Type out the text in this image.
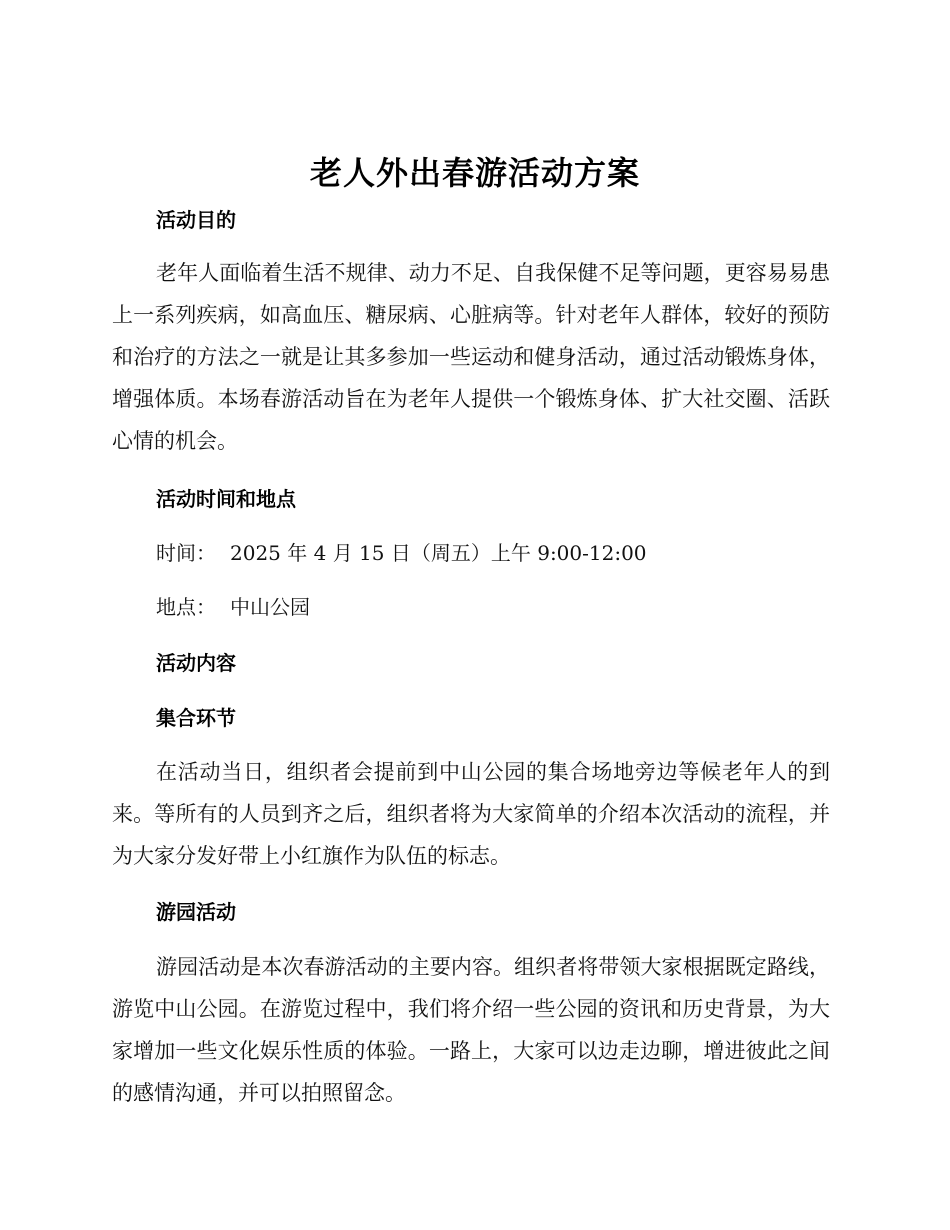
老人外出春游活动方案
活动目的
老年人面临着生活不规律、动力不足、自我保健不足等问题，更容易易患上一系列疾病，如高血压、糖尿病、心脏病等。针对老年人群体，较好的预防和治疗的方法之一就是让其多参加一些运动和健身活动，通过活动锻炼身体，增强体质。本场春游活动旨在为老年人提供一个锻炼身体、扩大社交圈、活跃心情的机会。
活动时间和地点
时间： 2025 年 4 月 15 日（周五）上午 9:00-12:00
地点： 中山公园
活动内容
集合环节
在活动当日，组织者会提前到中山公园的集合场地旁边等候老年人的到来。等所有的人员到齐之后，组织者将为大家简单的介绍本次活动的流程，并为大家分发好带上小红旗作为队伍的标志。
游园活动
游园活动是本次春游活动的主要内容。组织者将带领大家根据既定路线，游览中山公园。在游览过程中，我们将介绍一些公园的资讯和历史背景，为大家增加一些文化娱乐性质的体验。一路上，大家可以边走边聊，增进彼此之间的感情沟通，并可以拍照留念。
